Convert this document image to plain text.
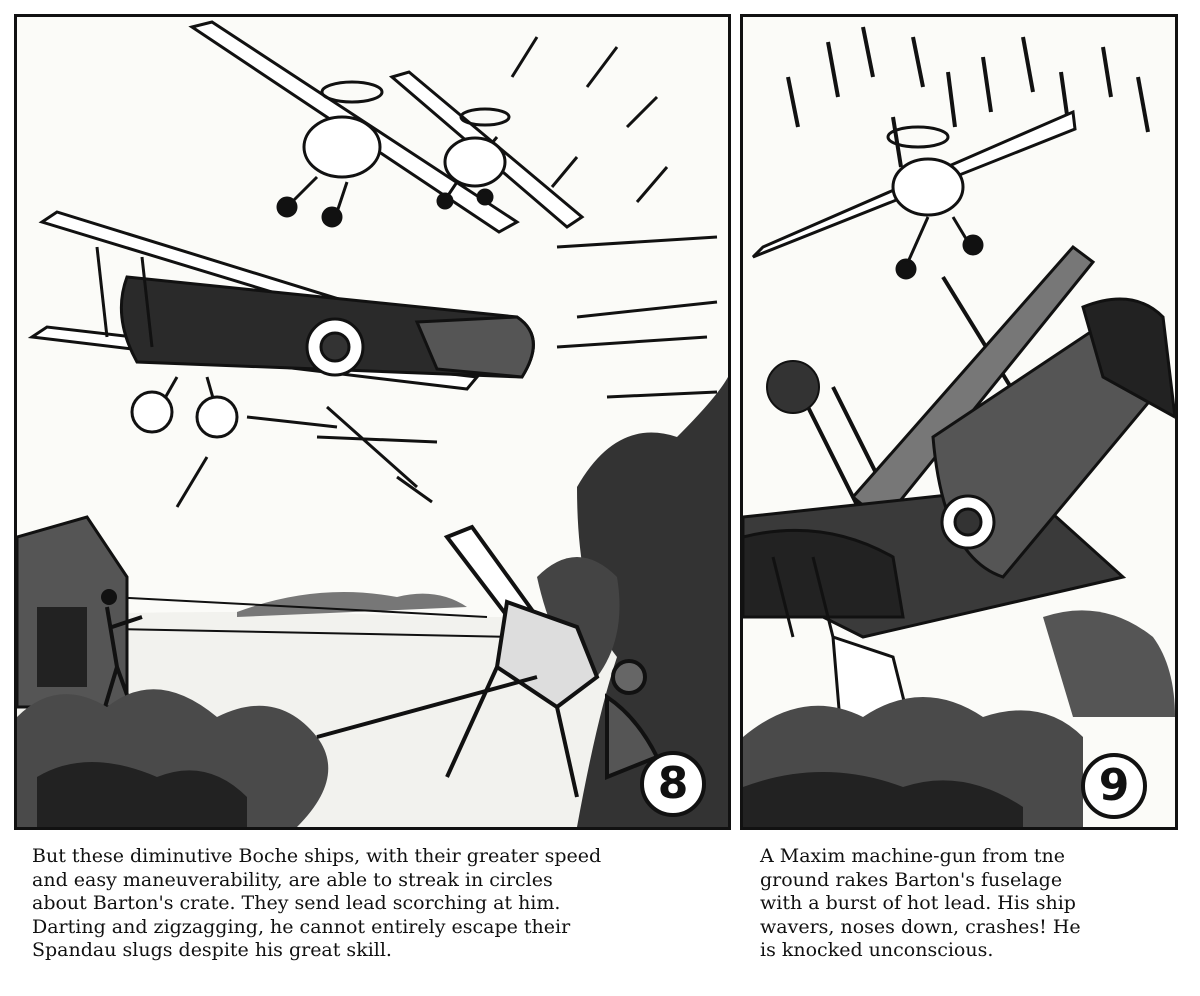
8	9
But these diminutive Boche ships, with their greater speed
and easy maneuverability, are able to streak in circles
about Barton's crate. They send lead scorching at him.
Darting and zigzagging, he cannot entirely escape their
Spandau slugs despite his great skill.
A Maxim machine-gun from tne
ground rakes Barton's fuselage
with a burst of hot lead. His ship
wavers, noses down, crashes! He
is knocked unconscious.
